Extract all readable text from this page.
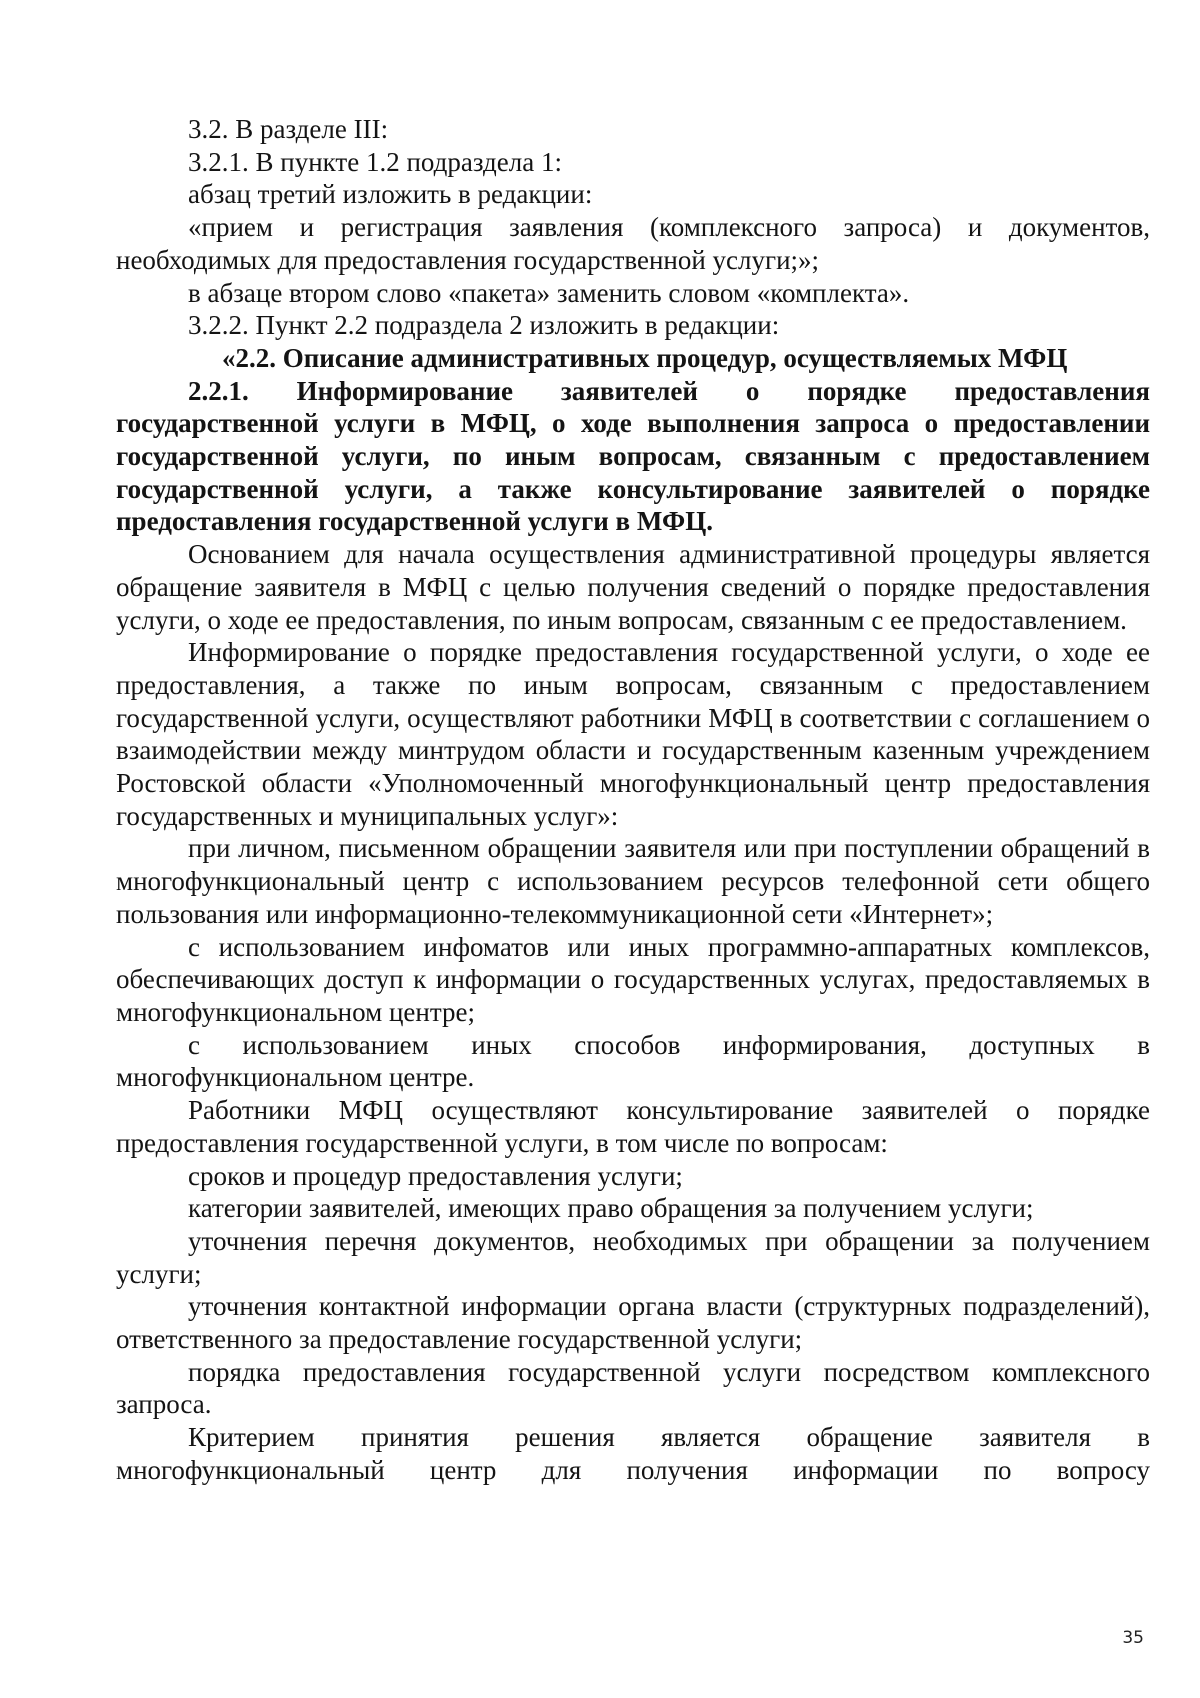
3.2. В разделе III:

3.2.1. В пункте 1.2 подраздела 1:

абзац третий изложить в редакции:

«прием и регистрация заявления (комплексного запроса) и документов, необходимых для предоставления государственной услуги;»;

в абзаце втором слово «пакета» заменить словом «комплекта».

3.2.2. Пункт 2.2 подраздела 2 изложить в редакции:

«2.2. Описание административных процедур, осуществляемых МФЦ

2.2.1. Информирование заявителей о порядке предоставления государственной услуги в МФЦ, о ходе выполнения запроса о предоставлении государственной услуги, по иным вопросам, связанным с предоставлением государственной услуги, а также консультирование заявителей о порядке предоставления государственной услуги в МФЦ.

Основанием для начала осуществления административной процедуры является обращение заявителя в МФЦ с целью получения сведений о порядке предоставления услуги, о ходе ее предоставления, по иным вопросам, связанным с ее предоставлением.

Информирование о порядке предоставления государственной услуги, о ходе ее предоставления, а также по иным вопросам, связанным с предоставлением государственной услуги, осуществляют работники МФЦ в соответствии с соглашением о взаимодействии между минтрудом области и государственным казенным учреждением Ростовской области «Уполномоченный многофункциональный центр предоставления государственных и муниципальных услуг»:

при личном, письменном обращении заявителя или при поступлении обращений в многофункциональный центр с использованием ресурсов телефонной сети общего пользования или информационно-телекоммуникационной сети «Интернет»;

с использованием инфоматов или иных программно-аппаратных комплексов, обеспечивающих доступ к информации о государственных услугах, предоставляемых в многофункциональном центре;

с использованием иных способов информирования, доступных в многофункциональном центре.

Работники МФЦ осуществляют консультирование заявителей о порядке предоставления государственной услуги, в том числе по вопросам:

сроков и процедур предоставления услуги;

категории заявителей, имеющих право обращения за получением услуги;

уточнения перечня документов, необходимых при обращении за получением услуги;

уточнения контактной информации органа власти (структурных подразделений), ответственного за предоставление государственной услуги;

порядка предоставления государственной услуги посредством комплексного запроса.

Критерием принятия решения является обращение заявителя в многофункциональный центр для получения информации по вопросу

35
